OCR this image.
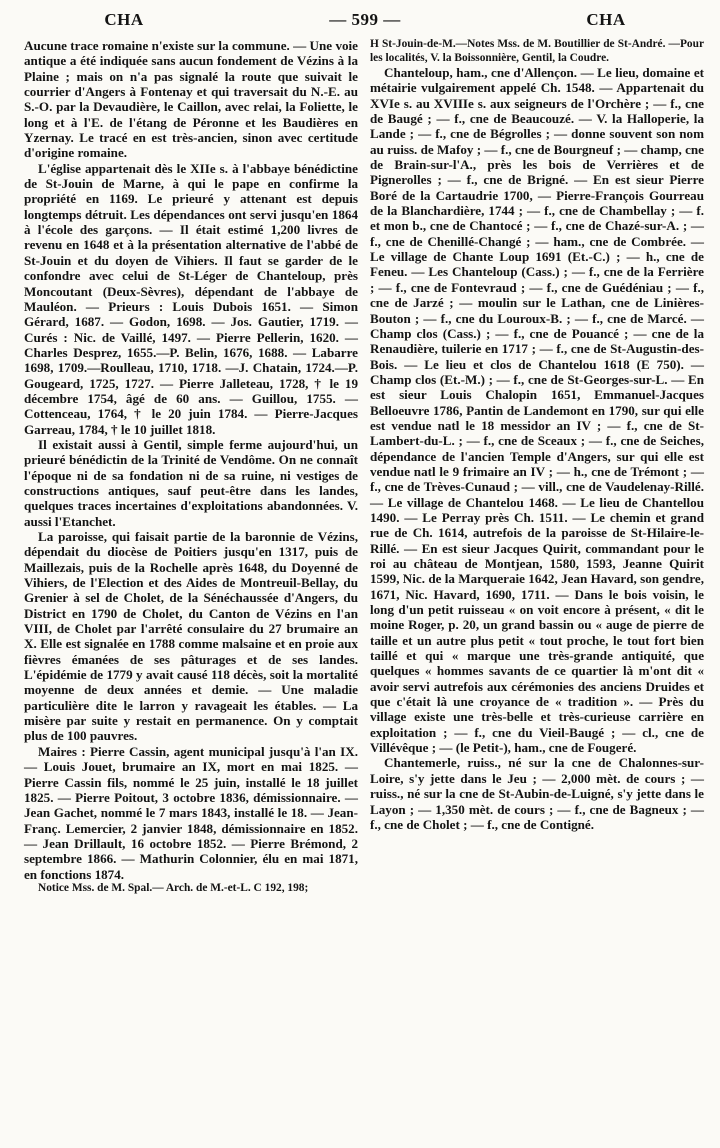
CHA	— 599 —	CHA

Aucune trace romaine n'existe sur la commune. — Une voie antique a été indiquée sans aucun fondement de Vézins à la Plaine ; mais on n'a pas signalé la route que suivait le courrier d'Angers à Fontenay et qui traversait du N.-E. au S.-O. par la Devaudière, le Caillon, avec relai, la Foliette, le long et à l'E. de l'étang de Péronne et les Baudières en Yzernay. Le tracé en est très-ancien, sinon avec certitude d'origine romaine.

L'église appartenait dès le XIIe s. à l'abbaye bénédictine de St-Jouin de Marne, à qui le pape en confirme la propriété en 1169. Le prieuré y attenant est depuis longtemps détruit. Les dépendances ont servi jusqu'en 1864 à l'école des garçons. — Il était estimé 1,200 livres de revenu en 1648 et à la présentation alternative de l'abbé de St-Jouin et du doyen de Vihiers. Il faut se garder de le confondre avec celui de St-Léger de Chanteloup, près Moncoutant (Deux-Sèvres), dépendant de l'abbaye de Mauléon. — Prieurs : Louis Dubois 1651. — Simon Gérard, 1687. — Godon, 1698. — Jos. Gautier, 1719. — Curés : Nic. de Vaillé, 1497. — Pierre Pellerin, 1620. —Charles Desprez, 1655.—P. Belin, 1676, 1688. — Labarre 1698, 1709.—Roulleau, 1710, 1718. —J. Chatain, 1724.—P. Gougeard, 1725, 1727. — Pierre Jalleteau, 1728, † le 19 décembre 1754, âgé de 60 ans. — Guillou, 1755. — Cottenceau, 1764, † le 20 juin 1784. — Pierre-Jacques Garreau, 1784, † le 10 juillet 1818.

Il existait aussi à Gentil, simple ferme aujourd'hui, un prieuré bénédictin de la Trinité de Vendôme. On ne connaît l'époque ni de sa fondation ni de sa ruine, ni vestiges de constructions antiques, sauf peut-être dans les landes, quelques traces incertaines d'exploitations abandonnées. V. aussi l'Etanchet.

La paroisse, qui faisait partie de la baronnie de Vézins, dépendait du diocèse de Poitiers jusqu'en 1317, puis de Maillezais, puis de la Rochelle après 1648, du Doyenné de Vihiers, de l'Election et des Aides de Montreuil-Bellay, du Grenier à sel de Cholet, de la Sénéchaussée d'Angers, du District en 1790 de Cholet, du Canton de Vézins en l'an VIII, de Cholet par l'arrêté consulaire du 27 brumaire an X. Elle est signalée en 1788 comme malsaine et en proie aux fièvres émanées de ses pâturages et de ses landes. L'épidémie de 1779 y avait causé 118 décès, soit la mortalité moyenne de deux années et demie. — Une maladie particulière dite le larron y ravageait les étables. — La misère par suite y restait en permanence. On y comptait plus de 100 pauvres.

Maires : Pierre Cassin, agent municipal jusqu'à l'an IX. — Louis Jouet, brumaire an IX, mort en mai 1825. — Pierre Cassin fils, nommé le 25 juin, installé le 18 juillet 1825. — Pierre Poitout, 3 octobre 1836, démissionnaire. — Jean Gachet, nommé le 7 mars 1843, installé le 18. — Jean-Franç. Lemercier, 2 janvier 1848, démissionnaire en 1852. — Jean Drillault, 16 octobre 1852. — Pierre Brémond, 2 septembre 1866. — Mathurin Colonnier, élu en mai 1871, en fonctions 1874.

Notice Mss. de M. Spal.— Arch. de M.-et-L. C 192, 198;

H St-Jouin-de-M.—Notes Mss. de M. Boutillier de St-André. —Pour les localités, V. la Boissonnière, Gentil, la Coudre.

Chanteloup, ham., cne d'Allençon. — Le lieu, domaine et métairie vulgairement appelé Ch. 1548. — Appartenait du XVIe s. au XVIIIe s. aux seigneurs de l'Orchère ; — f., cne de Baugé ; — f., cne de Beaucouzé. — V. la Halloperie, la Lande ; — f., cne de Bégrolles ; — donne souvent son nom au ruiss. de Mafoy ; — f., cne de Bourgneuf ; — champ, cne de Brain-sur-l'A., près les bois de Verrières et de Pignerolles ; — f., cne de Brigné. — En est sieur Pierre Boré de la Cartaudrie 1700, — Pierre-François Gourreau de la Blanchardière, 1744 ; — f., cne de Chambellay ; — f. et mon b., cne de Chantocé ; — f., cne de Chazé-sur-A. ; — f., cne de Chenillé-Changé ; — ham., cne de Combrée. — Le village de Chante Loup 1691 (Et.-C.) ; — h., cne de Feneu. — Les Chanteloup (Cass.) ; — f., cne de la Ferrière ; — f., cne de Fontevraud ; — f., cne de Guédéniau ; — f., cne de Jarzé ; — moulin sur le Lathan, cne de Linières-Bouton ; — f., cne du Louroux-B. ; — f., cne de Marcé. — Champ clos (Cass.) ; — f., cne de Pouancé ; — cne de la Renaudière, tuilerie en 1717 ; — f., cne de St-Augustin-des-Bois. — Le lieu et clos de Chantelou 1618 (E 750). — Champ clos (Et.-M.) ; — f., cne de St-Georges-sur-L. — En est sieur Louis Chalopin 1651, Emmanuel-Jacques Belloeuvre 1786, Pantin de Landemont en 1790, sur qui elle est vendue natl le 18 messidor an IV ; — f., cne de St-Lambert-du-L. ; — f., cne de Sceaux ; — f., cne de Seiches, dépendance de l'ancien Temple d'Angers, sur qui elle est vendue natl le 9 frimaire an IV ; — h., cne de Trémont ; — f., cne de Trèves-Cunaud ; — vill., cne de Vaudelenay-Rillé. — Le village de Chantelou 1468. — Le lieu de Chantellou 1490. — Le Perray près Ch. 1511. — Le chemin et grand rue de Ch. 1614, autrefois de la paroisse de St-Hilaire-le-Rillé. — En est sieur Jacques Quirit, commandant pour le roi au château de Montjean, 1580, 1593, Jeanne Quirit 1599, Nic. de la Marqueraie 1642, Jean Havard, son gendre, 1671, Nic. Havard, 1690, 1711. — Dans le bois voisin, le long d'un petit ruisseau « on voit encore à présent, « dit le moine Roger, p. 20, un grand bassin ou « auge de pierre de taille et un autre plus petit « tout proche, le tout fort bien taillé et qui « marque une très-grande antiquité, que quelques « hommes savants de ce quartier là m'ont dit « avoir servi autrefois aux cérémonies des anciens Druides et que c'était là une croyance de « tradition ». — Près du village existe une très-belle et très-curieuse carrière en exploitation ; — f., cne du Vieil-Baugé ; — cl., cne de Villévêque ; — (le Petit-), ham., cne de Fougeré.

Chantemerle, ruiss., né sur la cne de Chalonnes-sur-Loire, s'y jette dans le Jeu ; — 2,000 mèt. de cours ; — ruiss., né sur la cne de St-Aubin-de-Luigné, s'y jette dans le Layon ; — 1,350 mèt. de cours ; — f., cne de Bagneux ; — f., cne de Cholet ; — f., cne de Contigné.
